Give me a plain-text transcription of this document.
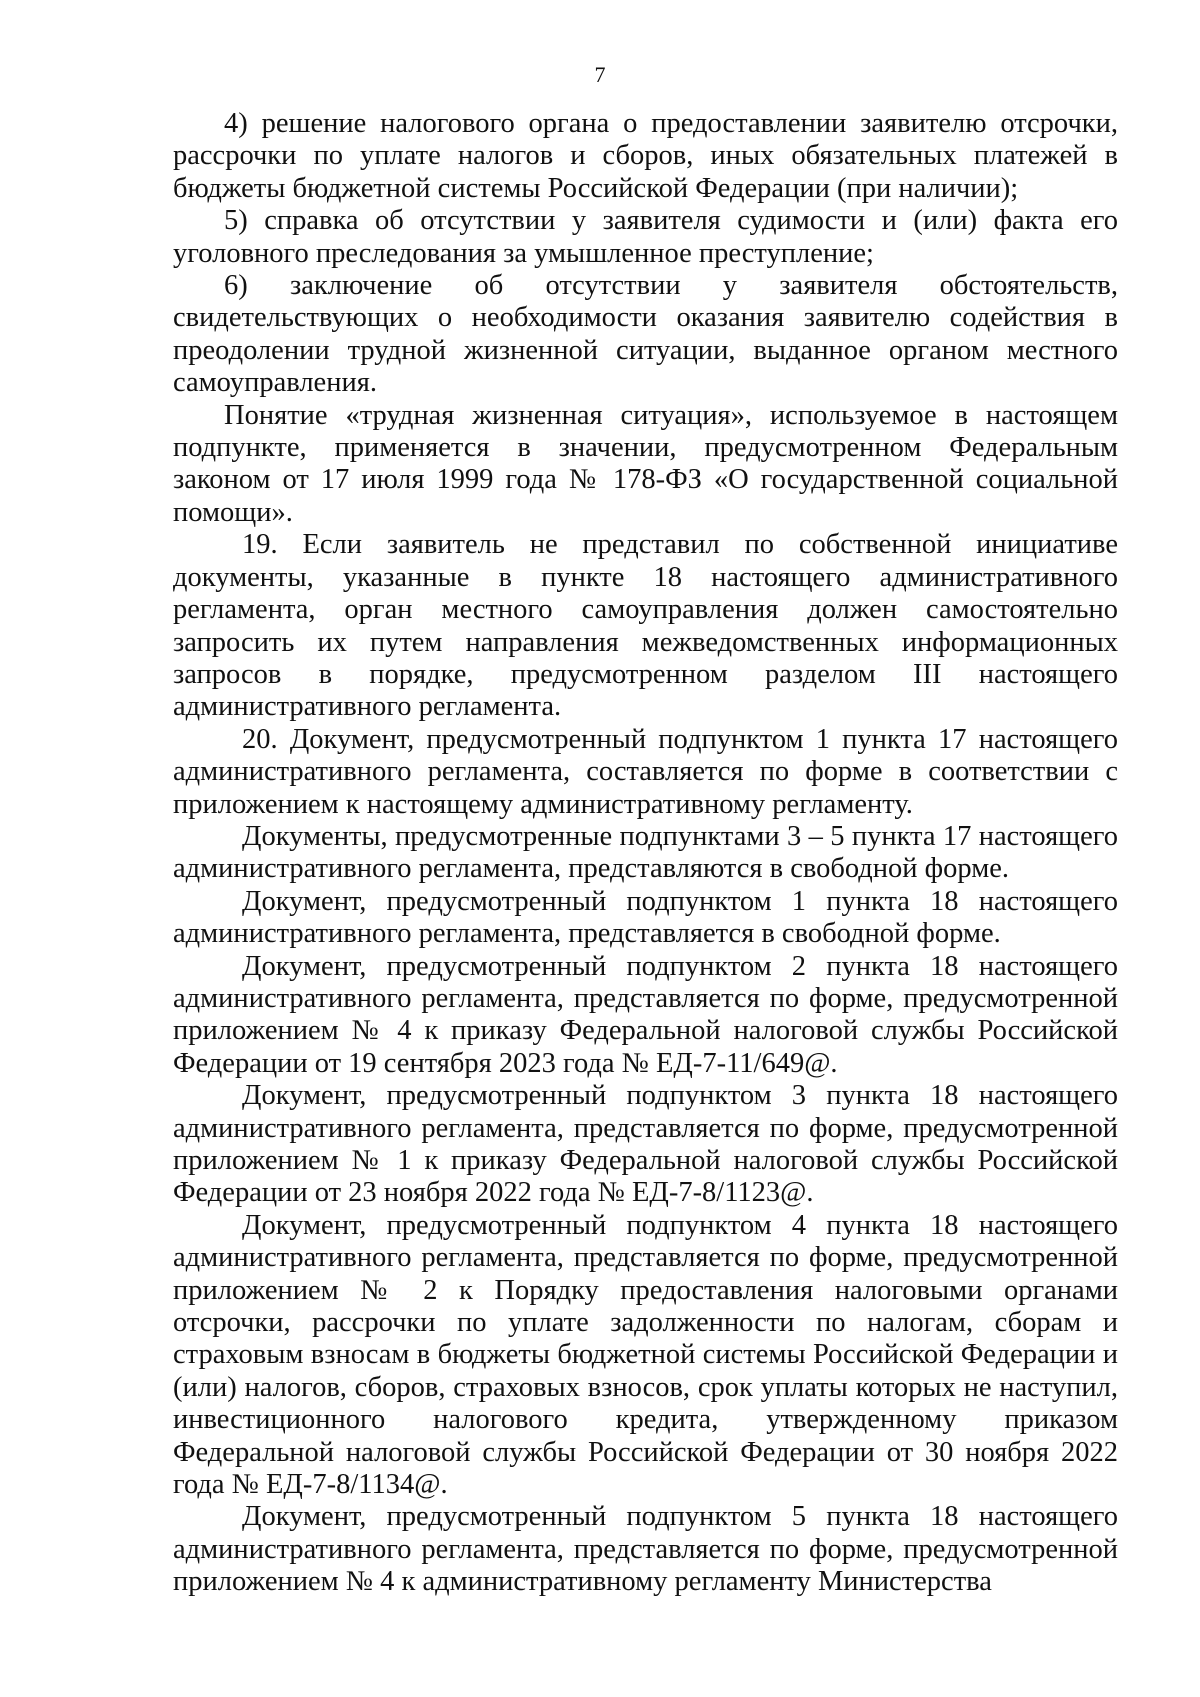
7

4) решение налогового органа о предоставлении заявителю отсрочки, рассрочки по уплате налогов и сборов, иных обязательных платежей в бюджеты бюджетной системы Российской Федерации (при наличии);

5) справка об отсутствии у заявителя судимости и (или) факта его уголовного преследования за умышленное преступление;

6) заключение об отсутствии у заявителя обстоятельств, свидетельствующих о необходимости оказания заявителю содействия в преодолении трудной жизненной ситуации, выданное органом местного самоуправления.

Понятие «трудная жизненная ситуация», используемое в настоящем подпункте, применяется в значении, предусмотренном Федеральным законом от 17 июля 1999 года № 178-ФЗ «О государственной социальной помощи».

19. Если заявитель не представил по собственной инициативе документы, указанные в пункте 18 настоящего административного регламента, орган местного самоуправления должен самостоятельно запросить их путем направления межведомственных информационных запросов в порядке, предусмотренном разделом III настоящего административного регламента.

20. Документ, предусмотренный подпунктом 1 пункта 17 настоящего административного регламента, составляется по форме в соответствии с приложением к настоящему административному регламенту.

Документы, предусмотренные подпунктами 3 – 5 пункта 17 настоящего административного регламента, представляются в свободной форме.

Документ, предусмотренный подпунктом 1 пункта 18 настоящего административного регламента, представляется в свободной форме.

Документ, предусмотренный подпунктом 2 пункта 18 настоящего административного регламента, представляется по форме, предусмотренной приложением № 4 к приказу Федеральной налоговой службы Российской Федерации от 19 сентября 2023 года № ЕД-7-11/649@.

Документ, предусмотренный подпунктом 3 пункта 18 настоящего административного регламента, представляется по форме, предусмотренной приложением № 1 к приказу Федеральной налоговой службы Российской Федерации от 23 ноября 2022 года № ЕД-7-8/1123@.

Документ, предусмотренный подпунктом 4 пункта 18 настоящего административного регламента, представляется по форме, предусмотренной приложением № 2 к Порядку предоставления налоговыми органами отсрочки, рассрочки по уплате задолженности по налогам, сборам и страховым взносам в бюджеты бюджетной системы Российской Федерации и (или) налогов, сборов, страховых взносов, срок уплаты которых не наступил, инвестиционного налогового кредита, утвержденному приказом Федеральной налоговой службы Российской Федерации от 30 ноября 2022 года № ЕД-7-8/1134@.

Документ, предусмотренный подпунктом 5 пункта 18 настоящего административного регламента, представляется по форме, предусмотренной приложением № 4 к административному регламенту Министерства
